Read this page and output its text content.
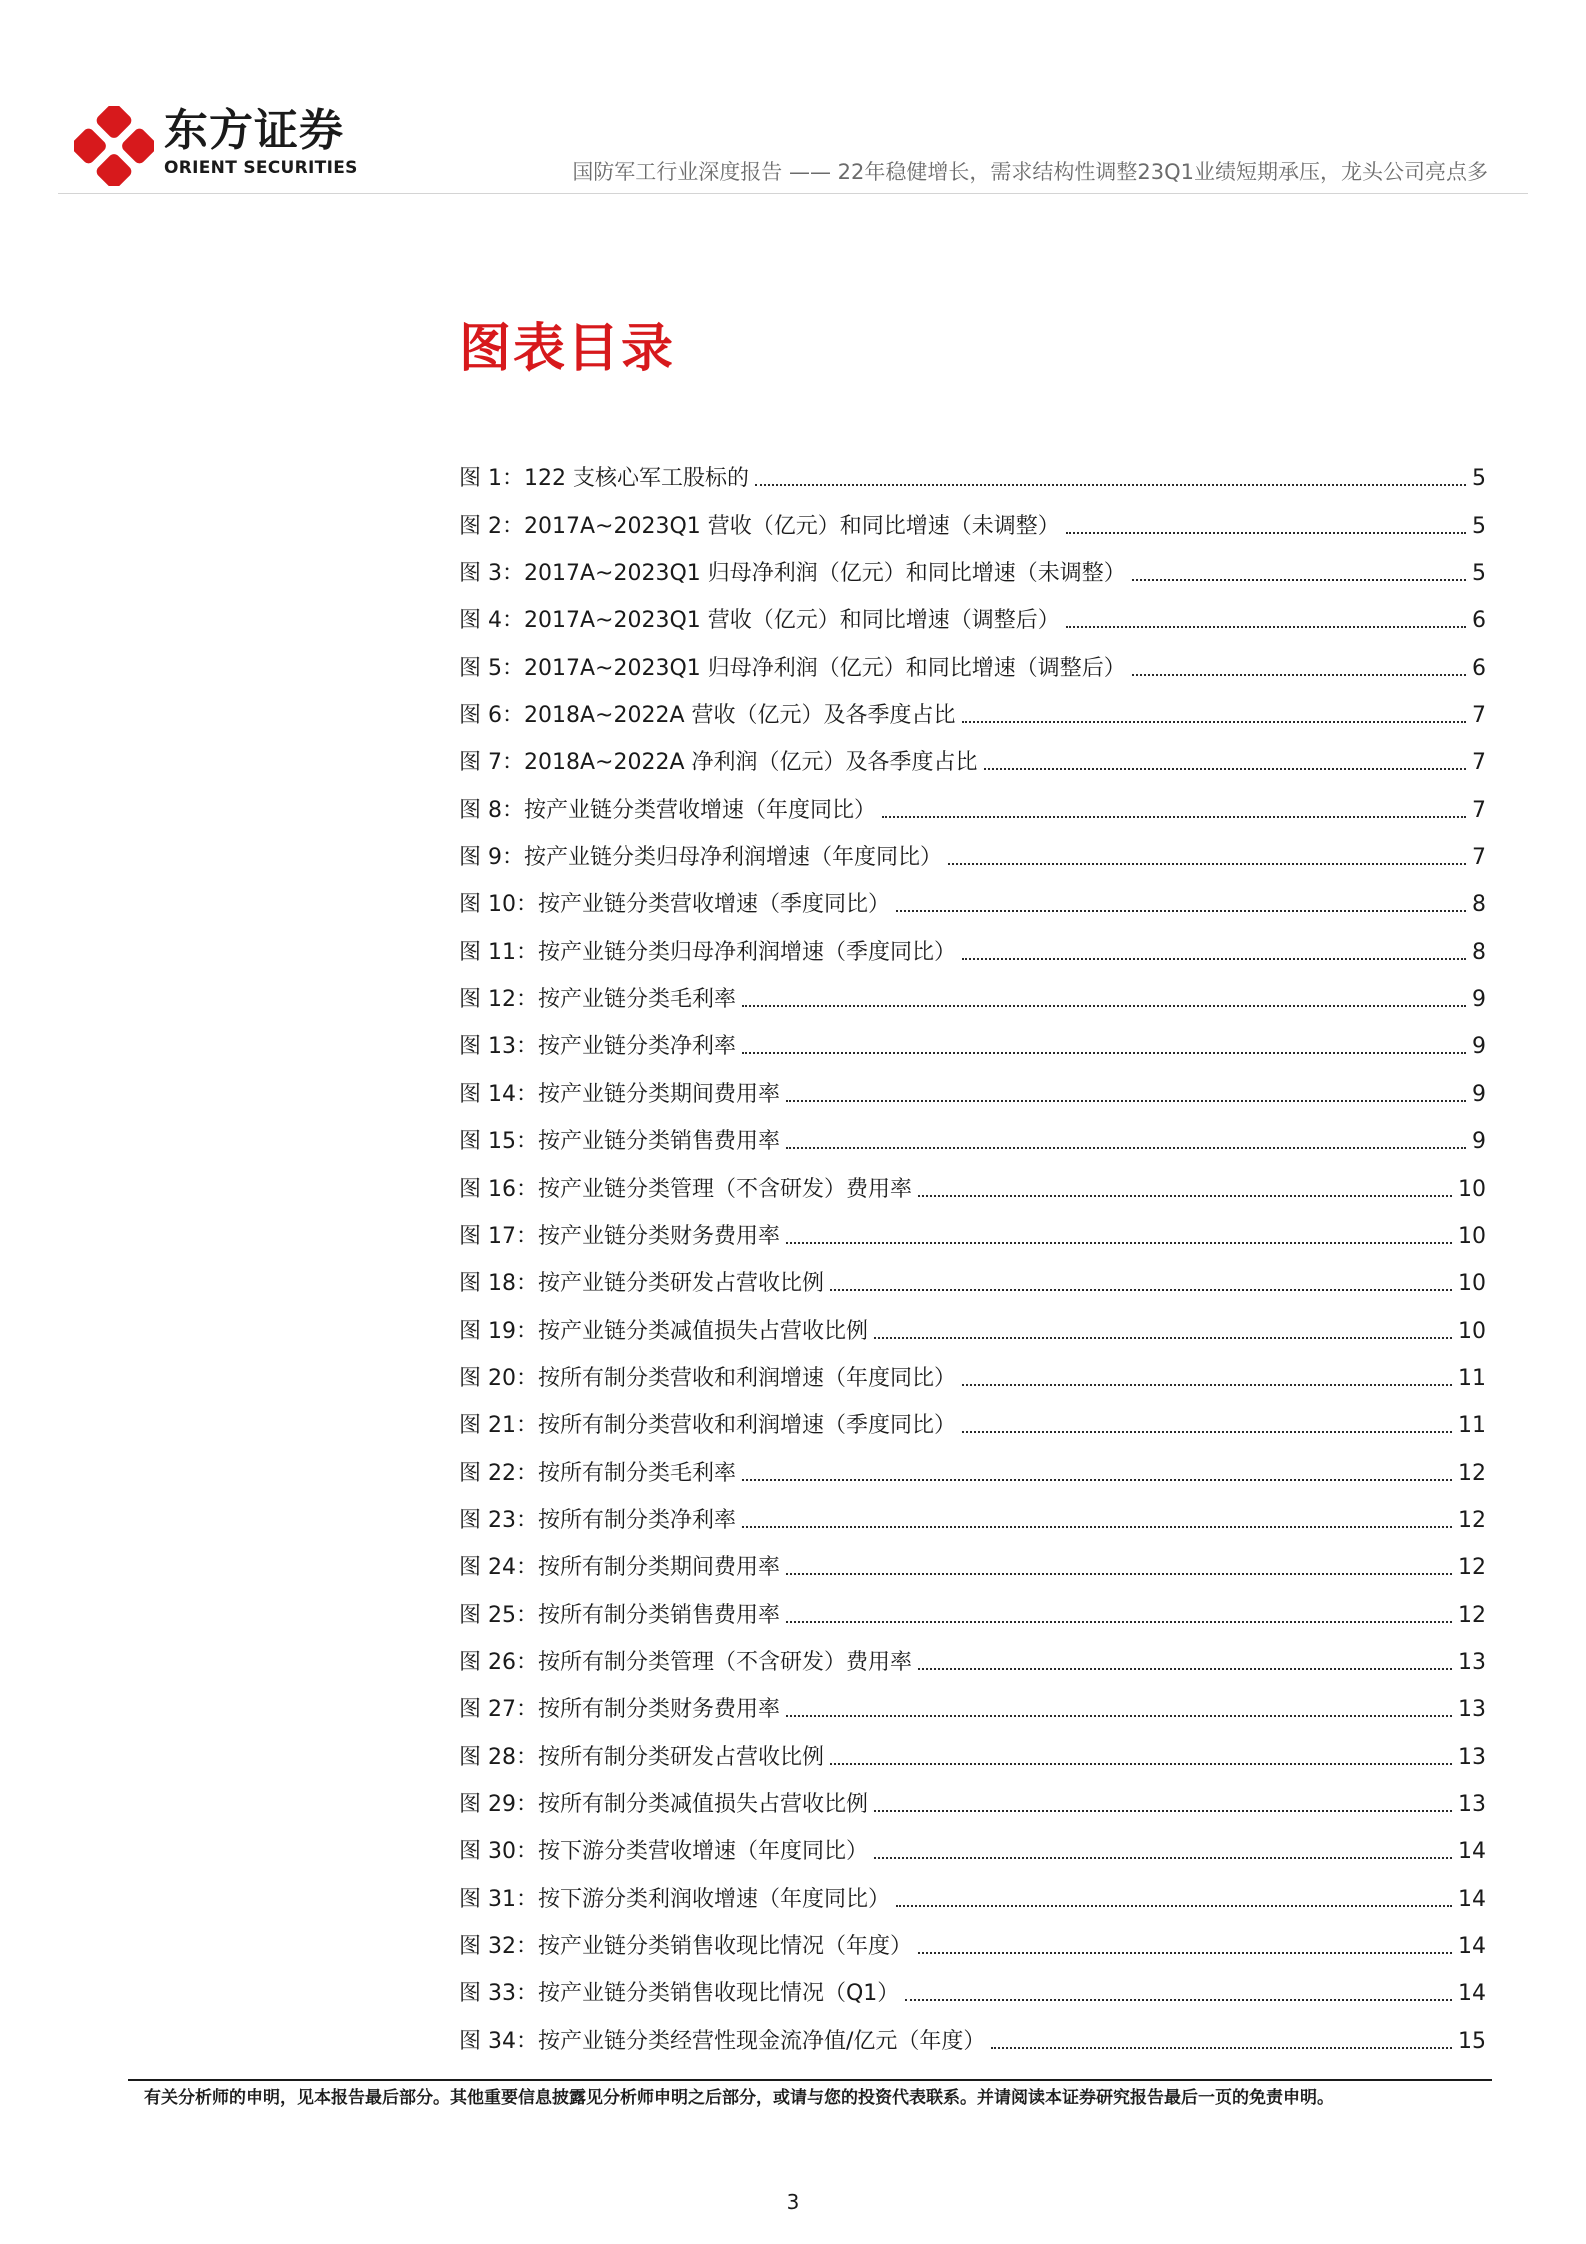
东方证券
ORIENT SECURITIES	国防军工行业深度报告 —— 22年稳健增长，需求结构性调整23Q1业绩短期承压，龙头公司亮点多
图表目录
图 1：122 支核心军工股标的	5
图 2：2017A~2023Q1 营收（亿元）和同比增速（未调整）	5
图 3：2017A~2023Q1 归母净利润（亿元）和同比增速（未调整）	5
图 4：2017A~2023Q1 营收（亿元）和同比增速（调整后）	6
图 5：2017A~2023Q1 归母净利润（亿元）和同比增速（调整后）	6
图 6：2018A~2022A 营收（亿元）及各季度占比	7
图 7：2018A~2022A 净利润（亿元）及各季度占比	7
图 8：按产业链分类营收增速（年度同比）	7
图 9：按产业链分类归母净利润增速（年度同比）	7
图 10：按产业链分类营收增速（季度同比）	8
图 11：按产业链分类归母净利润增速（季度同比）	8
图 12：按产业链分类毛利率	9
图 13：按产业链分类净利率	9
图 14：按产业链分类期间费用率	9
图 15：按产业链分类销售费用率	9
图 16：按产业链分类管理（不含研发）费用率	10
图 17：按产业链分类财务费用率	10
图 18：按产业链分类研发占营收比例	10
图 19：按产业链分类减值损失占营收比例	10
图 20：按所有制分类营收和利润增速（年度同比）	11
图 21：按所有制分类营收和利润增速（季度同比）	11
图 22：按所有制分类毛利率	12
图 23：按所有制分类净利率	12
图 24：按所有制分类期间费用率	12
图 25：按所有制分类销售费用率	12
图 26：按所有制分类管理（不含研发）费用率	13
图 27：按所有制分类财务费用率	13
图 28：按所有制分类研发占营收比例	13
图 29：按所有制分类减值损失占营收比例	13
图 30：按下游分类营收增速（年度同比）	14
图 31：按下游分类利润收增速（年度同比）	14
图 32：按产业链分类销售收现比情况（年度）	14
图 33：按产业链分类销售收现比情况（Q1）	14
图 34：按产业链分类经营性现金流净值/亿元（年度）	15
有关分析师的申明，见本报告最后部分。其他重要信息披露见分析师申明之后部分，或请与您的投资代表联系。并请阅读本证券研究报告最后一页的免责申明。
3
